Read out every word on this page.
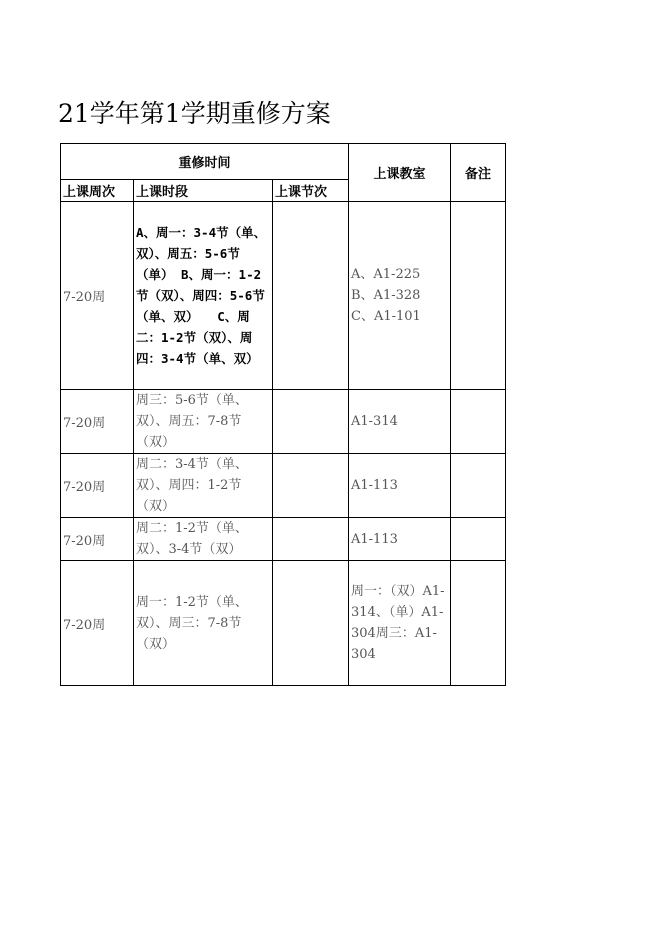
21学年第1学期重修方案
重修时间			上课教室	备注
上课周次	上课时段	上课节次		
7-20周	A、周一：3-4节（单、双）、周五：5-6节（单） B、周一：1-2节（双）、周四：5-6节（单、双）　　C、周二：1-2节（双）、周四：3-4节（单、双）		A、A1-225
B、A1-328
C、A1-101	
7-20周	周三：5-6节（单、双）、周五：7-8节（双）		A1-314	
7-20周	周二：3-4节（单、双）、周四：1-2节（双）		A1-113	
7-20周	周二：1-2节（单、双）、3-4节（双）		A1-113	
7-20周	周一：1-2节（单、双）、周三：7-8节（双）		周一：（双）A1-314、（单）A1-304周三：A1-304	
